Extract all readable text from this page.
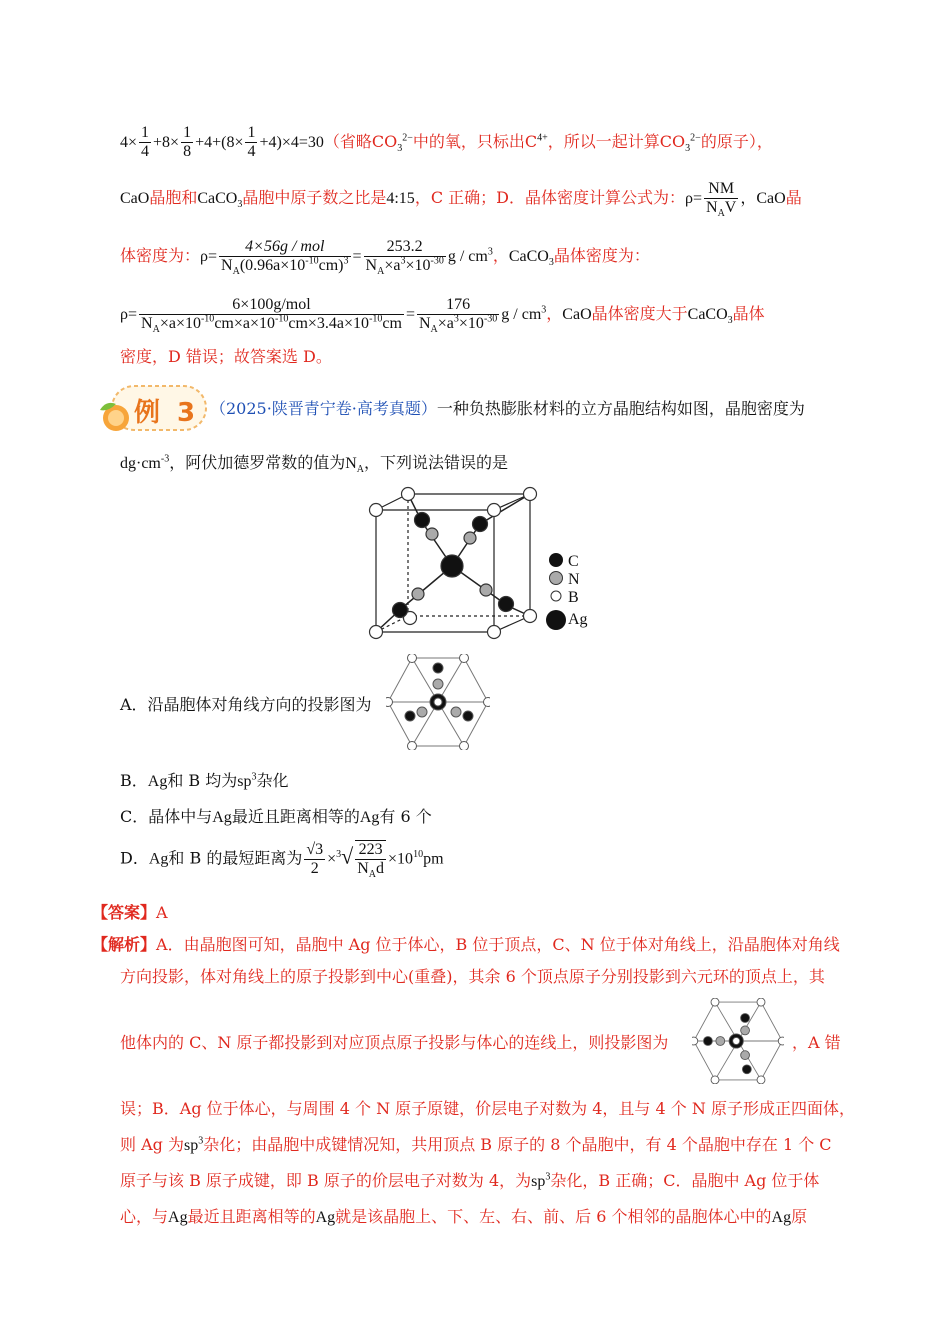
$4\times \frac{1}{4} +8\times \frac{1}{8} +4+(8\times \frac{1}{4} +4)\times 4=30$（省略$CO_3^{2-}$中的氧，只标出$C^{4+}$，所以一起计算$CO_3^{2-}$的原子），
CaO晶胞和CaCO$_3$晶胞中原子数之比是4:15，C 正确；D．晶体密度计算公式为：$\rho= \frac{NM}{N_AV}$ ，CaO晶
体密度为：$\rho= \frac{\text{4×56g / mol}}{N_A(0.96a\times 10^{-10}cm)^3} = \frac{253.2}{N_A\times a^3\times 10^{-30}}$ g / $cm^3$，CaCO$_3$晶体密度为：
$\rho= \frac{\text{6×100g/mol}}{N_A\times a\times 10^{-10}cm\times a\times 10^{-10}cm\times 3.4a\times 10^{-10}cm} = \frac{176}{N_A\times a^3\times 10^{-30}}$ g / $cm^3$，CaO晶体密度大于CaCO$_3$晶体
密度，D 错误；故答案选 D。
例 3 （2025·陕晋青宁卷·高考真题）一种负热膨胀材料的立方晶胞结构如图，晶胞密度为
$dg\cdot cm^{-3}$，阿伏加德罗常数的值为$N_A$，下列说法错误的是
C
N
B
Ag
A．沿晶胞体对角线方向的投影图为
B．Ag和 B 均为$sp^3$杂化
C．晶体中与Ag最近且距离相等的Ag有 6 个
D．Ag和 B 的最短距离为 $\frac{√3}{2} \times^3√ \frac{223}{N_Ad} \times 10^{10}pm$
【答案】A
【解析】A．由晶胞图可知，晶胞中 Ag 位于体心，B 位于顶点，C、N 位于体对角线上，沿晶胞体对角线
方向投影，体对角线上的原子投影到中心(重叠)，其余 6 个顶点原子分别投影到六元环的顶点上，其
他体内的 C、N 原子都投影到对应顶点原子投影与体心的连线上，则投影图为	，A 错
误；B．Ag 位于体心，与周围 4 个 N 原子原键，价层电子对数为 4，且与 4 个 N 原子形成正四面体，
则 Ag 为$sp^3$杂化；由晶胞中成键情况知，共用顶点 B 原子的 8 个晶胞中，有 4 个晶胞中存在 1 个 C
原子与该 B 原子成键，即 B 原子的价层电子对数为 4，为$sp^3$杂化，B 正确；C．晶胞中 Ag 位于体
心，与Ag最近且距离相等的Ag就是该晶胞上、下、左、右、前、后 6 个相邻的晶胞体心中的Ag原
